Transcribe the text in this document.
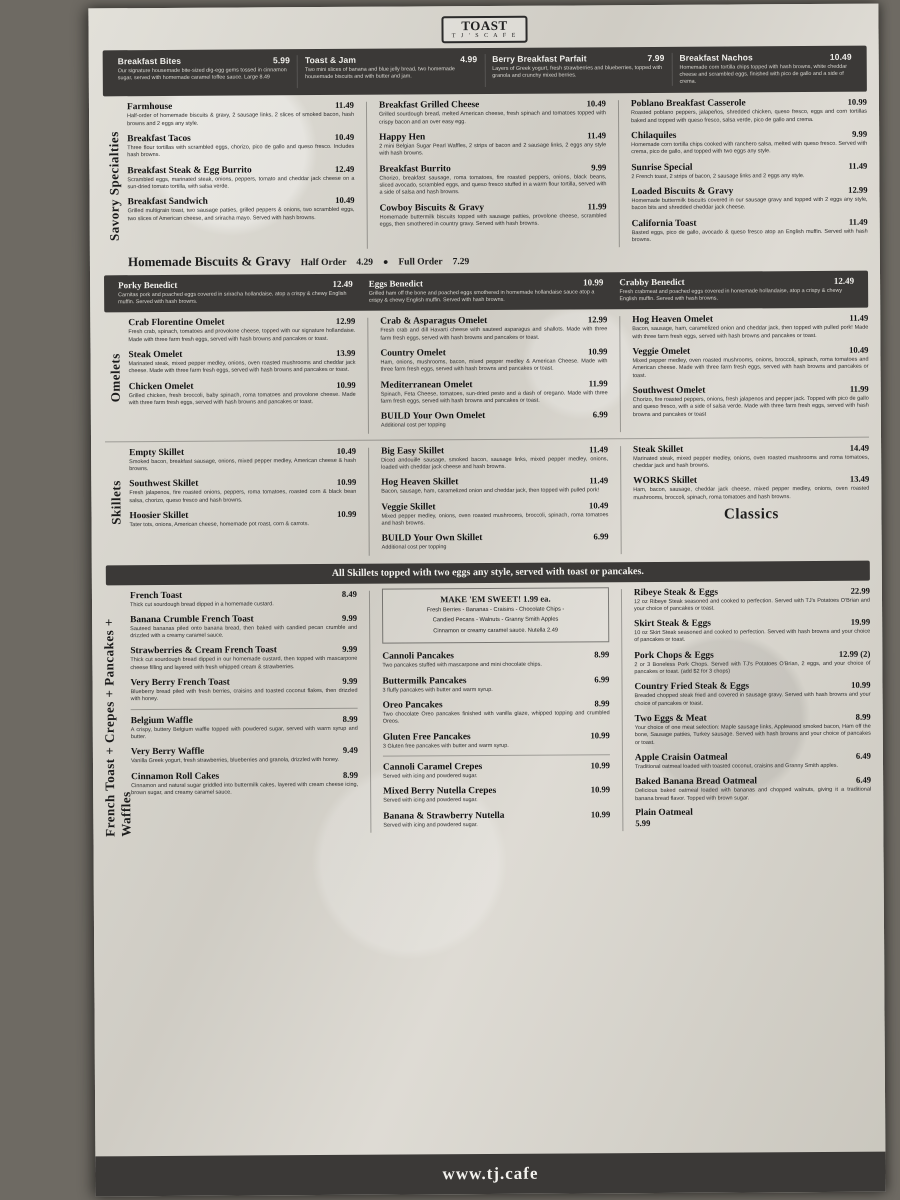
TOAST
T J ' S C A F E
Breakfast Bites	5.99
Our signature housemade bite-sized dig-egg gems tossed in cinnamon sugar, served with homemade caramel toffee sauce. Large 8.49
Toast & Jam	4.99
Two mini slices of banana and blue jelly bread, two homemade housemade biscuits and with butter and jam.
Berry Breakfast Parfait	7.99
Layers of Greek yogurt, fresh strawberries and blueberries, topped with granola and crunchy mixed berries.
Breakfast Nachos	10.49
Homemade corn tortilla chips topped with hash browns, white cheddar cheese and scrambled eggs, finished with pico de gallo and a side of crema.
Savory Specialties
Farmhouse	11.49
Half-order of homemade biscuits & gravy, 2 sausage links, 2 slices of smoked bacon, hash browns and 2 eggs any style.
Breakfast Tacos	10.49
Three flour tortillas with scrambled eggs, chorizo, pico de gallo and queso fresco. Includes hash browns.
Breakfast Steak & Egg Burrito	12.49
Scrambled eggs, marinated steak, onions, peppers, tomato and cheddar jack cheese on a sun-dried tomato tortilla, with salsa verde.
Breakfast Sandwich	10.49
Grilled multigrain toast, two sausage patties, grilled peppers & onions, two scrambled eggs, two slices of American cheese, and sriracha mayo. Served with hash browns.
Breakfast Grilled Cheese	10.49
Grilled sourdough bread, melted American cheese, fresh spinach and tomatoes topped with crispy bacon and an over easy egg.
Happy Hen	11.49
2 mini Belgian Sugar Pearl Waffles, 2 strips of bacon and 2 sausage links, 2 eggs any style with hash browns.
Breakfast Burrito	9.99
Chorizo, breakfast sausage, roma tomatoes, fire roasted peppers, onions, black beans, sliced avocado, scrambled eggs, and queso fresco stuffed in a warm flour tortilla, served with a side of salsa and hash browns.
Cowboy Biscuits & Gravy	11.99
Homemade buttermilk biscuits topped with sausage patties, provolone cheese, scrambled eggs, then smothered in country gravy. Served with hash browns.
Poblano Breakfast Casserole	10.99
Roasted poblano peppers, jalapeños, shredded chicken, queso fresco, eggs and corn tortillas baked and topped with queso fresco, salsa verde, pico de gallo and crema.
Chilaquiles	9.99
Homemade corn tortilla chips cooked with ranchero salsa, melted with queso fresco. Served with crema, pico de gallo, and topped with two eggs any style.
Sunrise Special	11.49
2 French toast, 2 strips of bacon, 2 sausage links and 2 eggs any style.
Loaded Biscuits & Gravy	12.99
Homemade buttermilk biscuits covered in our sausage gravy and topped with 2 eggs any style, bacon bits and shredded cheddar jack cheese.
California Toast	11.49
Basted eggs, pico de gallo, avocado & queso fresco atop an English muffin. Served with hash browns.
Homemade Biscuits & Gravy Half Order 4.29 ● Full Order 7.29
Porky Benedict	12.49
Carnitas pork and poached eggs covered in sriracha hollandaise, atop a crispy & chewy English muffin. Served with hash browns.
Eggs Benedict	10.99
Grilled ham off the bone and poached eggs smothered in homemade hollandaise sauce atop a crispy & chewy English muffin. Served with hash browns.
Crabby Benedict	12.49
Fresh crabmeat and poached eggs covered in homemade hollandaise, atop a crispy & chewy English muffin. Served with hash browns.
Omelets
Crab Florentine Omelet	12.99
Fresh crab, spinach, tomatoes and provolone cheese, topped with our signature hollandaise. Made with three farm fresh eggs, served with hash browns and pancakes or toast.
Steak Omelet	13.99
Marinated steak, mixed pepper medley, onions, oven roasted mushrooms and cheddar jack cheese. Made with three farm fresh eggs, served with hash browns and pancakes or toast.
Chicken Omelet	10.99
Grilled chicken, fresh broccoli, baby spinach, roma tomatoes and provolone cheese. Made with three farm fresh eggs, served with hash browns and pancakes or toast.
Crab & Asparagus Omelet	12.99
Fresh crab and dill Havarti cheese with sauteed asparagus and shallots. Made with three farm fresh eggs, served with hash browns and pancakes or toast.
Country Omelet	10.99
Ham, onions, mushrooms, bacon, mixed pepper medley & American Cheese. Made with three farm fresh eggs, served with hash browns and pancakes or toast.
Mediterranean Omelet	11.99
Spinach, Feta Cheese, tomatoes, sun-dried pesto and a dash of oregano. Made with three farm fresh eggs, served with hash browns and pancakes or toast.
BUILD Your Own Omelet	6.99
Additional cost per topping
Hog Heaven Omelet	11.49
Bacon, sausage, ham, caramelized onion and cheddar jack, then topped with pulled pork! Made with three farm fresh eggs, served with hash browns and pancakes or toast.
Veggie Omelet	10.49
Mixed pepper medley, oven roasted mushrooms, onions, broccoli, spinach, roma tomatoes and American cheese. Made with three farm fresh eggs, served with hash browns and pancakes or toast.
Southwest Omelet	11.99
Chorizo, fire roasted peppers, onions, fresh jalapenos and pepper jack. Topped with pico de gallo and queso fresco, with a side of salsa verde. Made with three farm fresh eggs, served with hash browns and pancakes or toast
Skillets
Empty Skillet	10.49
Smoked bacon, breakfast sausage, onions, mixed pepper medley, American cheese & hash browns.
Southwest Skillet	10.99
Fresh jalapenos, fire roasted onions, peppers, roma tomatoes, roasted corn & black bean salsa, chorizo, queso fresco and hash browns.
Hoosier Skillet	10.99
Tater tots, onions, American cheese, homemade pot roast, corn & carrots.
Big Easy Skillet	11.49
Diced andouille sausage, smoked bacon, sausage links, mixed pepper medley, onions, loaded with cheddar jack cheese and hash browns.
Hog Heaven Skillet	11.49
Bacon, sausage, ham, caramelized onion and cheddar jack, then topped with pulled pork!
Veggie Skillet	10.49
Mixed pepper medley, onions, oven roasted mushrooms, broccoli, spinach, roma tomatoes and hash browns.
BUILD Your Own Skillet	6.99
Additional cost per topping
Steak Skillet	14.49
Marinated steak, mixed pepper medley, onions, oven roasted mushrooms and roma tomatoes, cheddar jack and hash browns.
WORKS Skillet	13.49
Ham, bacon, sausage, cheddar jack cheese, mixed pepper medley, onions, oven roasted mushrooms, broccoli, spinach, roma tomatoes and hash browns.
Classics
All Skillets topped with two eggs any style, served with toast or pancakes.
French Toast + Crepes + Pancakes + Waffles
French Toast	8.49
Thick cut sourdough bread dipped in a homemade custard.
Banana Crumble French Toast	9.99
Sauteed bananas piled onto banana bread, then baked with candied pecan crumble and drizzled with a creamy caramel sauce.
Strawberries & Cream French Toast	9.99
Thick cut sourdough bread dipped in our homemade custard, then topped with mascarpone cheese filling and layered with fresh whipped cream & strawberries.
Very Berry French Toast	9.99
Blueberry bread piled with fresh berries, craisins and toasted coconut flakes, then drizzled with honey.
Belgium Waffle	8.99
A crispy, buttery Belgium waffle topped with powdered sugar, served with warm syrup and butter.
Very Berry Waffle	9.49
Vanilla Greek yogurt, fresh strawberries, blueberries and granola, drizzled with honey.
Cinnamon Roll Cakes	8.99
Cinnamon and natural sugar griddled into buttermilk cakes, layered with cream cheese icing, brown sugar, and creamy caramel sauce.
MAKE 'EM SWEET! 1.99 ea.
Fresh Berries - Bananas - Craisins - Chocolate Chips -
Candied Pecans - Walnuts - Granny Smith Apples
Cinnamon or creamy caramel sauce. Nutella 2.49
Cannoli Pancakes	8.99
Two pancakes stuffed with mascarpone and mini chocolate chips.
Buttermilk Pancakes	6.99
3 fluffy pancakes with butter and warm syrup.
Oreo Pancakes	8.99
Two chocolate Oreo pancakes finished with vanilla glaze, whipped topping and crumbled Oreos.
Gluten Free Pancakes	10.99
3 Gluten free pancakes with butter and warm syrup.
Cannoli Caramel Crepes	10.99
Served with icing and powdered sugar.
Mixed Berry Nutella Crepes	10.99
Served with icing and powdered sugar.
Banana & Strawberry Nutella	10.99
Served with icing and powdered sugar.
Ribeye Steak & Eggs	22.99
12 oz Ribeye Steak seasoned and cooked to perfection. Served with TJ's Potatoes O'Brian and your choice of pancakes or toast.
Skirt Steak & Eggs	19.99
10 oz Skirt Steak seasoned and cooked to perfection. Served with hash browns and your choice of pancakes or toast.
Pork Chops & Eggs	12.99 (2)
2 or 3 Boneless Pork Chops. Served with TJ's Potatoes O'Brian, 2 eggs, and your choice of pancakes or toast. (add $2 for 3 chops)
Country Fried Steak & Eggs	10.99
Breaded chopped steak fried and covered in sausage gravy. Served with hash browns and your choice of pancakes or toast.
Two Eggs & Meat	8.99
Your choice of one meat selection: Maple sausage links, Applewood smoked bacon, Ham off the bone, Sausage patties, Turkey sausage. Served with hash browns and your choice of pancakes or toast.
Apple Craisin Oatmeal	6.49
Traditional oatmeal loaded with toasted coconut, craisins and Granny Smith apples.
Baked Banana Bread Oatmeal	6.49
Delicious baked oatmeal loaded with bananas and chopped walnuts, giving it a traditional banana bread flavor. Topped with brown sugar.
Plain Oatmeal
5.99
www.tj.cafe
